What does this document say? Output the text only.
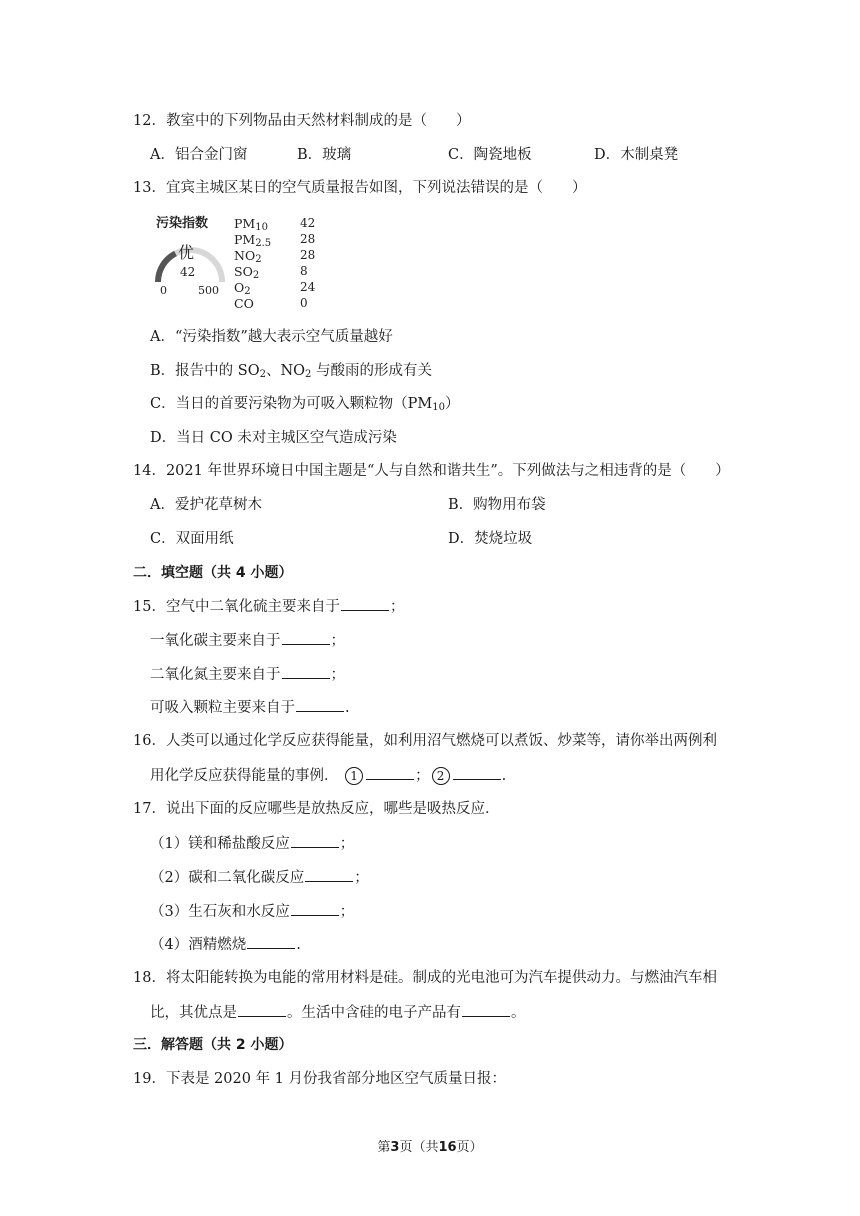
12．教室中的下列物品由天然材料制成的是（　　）
A．铝合金门窗	B．玻璃	C．陶瓷地板	D．木制桌凳
13．宜宾主城区某日的空气质量报告如图，下列说法错误的是（　　）
污染指数
优
42
0	500
$PM_{10}$	42
$PM_{2.5}$ 28
$NO_2$	28
$SO_2$	8
$O_2$	24
CO	0
A．“污染指数”越大表示空气质量越好
B．报告中的 $SO_2$、$NO_2$ 与酸雨的形成有关
C．当日的首要污染物为可吸入颗粒物$(PM_{10})$
D．当日 CO 未对主城区空气造成污染
14．2021 年世界环境日中国主题是“人与自然和谐共生”。下列做法与之相违背的是（　　）
A．爱护花草树木	B．购物用布袋
C．双面用纸	D．焚烧垃圾
二．填空题（共 4 小题）
15．空气中二氧化硫主要来自于	；
一氧化碳主要来自于	；
二氧化氮主要来自于	；
可吸入颗粒主要来自于	.
16．人类可以通过化学反应获得能量，如利用沼气燃烧可以煮饭、炒菜等，请你举出两例利
用化学反应获得能量的事例． 1	； 2	.
17．说出下面的反应哪些是放热反应，哪些是吸热反应．
（1）镁和稀盐酸反应	；
（2）碳和二氧化碳反应	；
（3）生石灰和水反应	；
（4）酒精燃烧	.
18．将太阳能转换为电能的常用材料是硅。制成的光电池可为汽车提供动力。与燃油汽车相
比，其优点是	。生活中含硅的电子产品有	。
三．解答题（共 2 小题）
19．下表是 2020 年 1 月份我省部分地区空气质量日报：
第3页（共16页）
